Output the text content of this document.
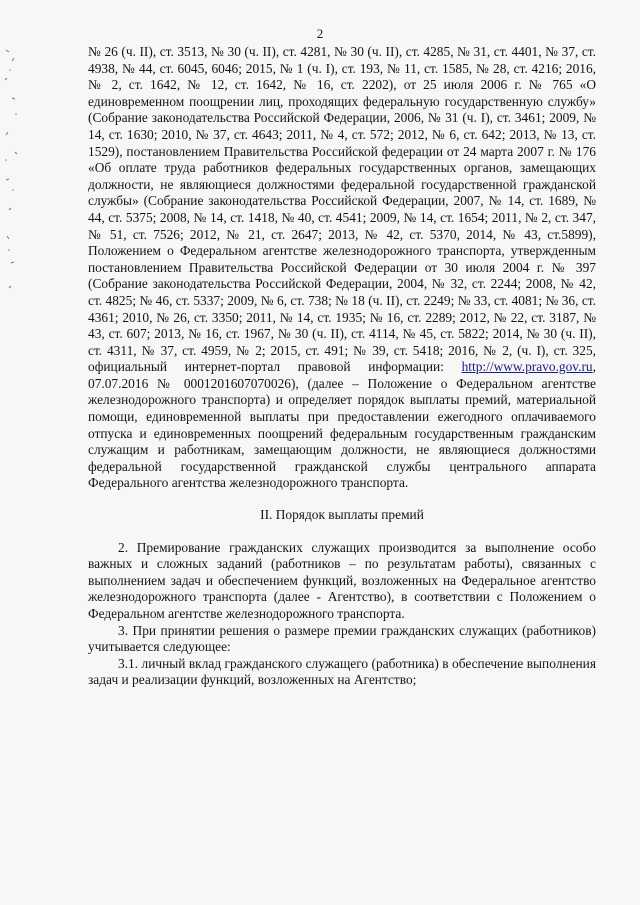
2

№ 26 (ч. II), ст. 3513, № 30 (ч. II), ст. 4281, № 30 (ч. II), ст. 4285, № 31, ст. 4401, № 37, ст. 4938, № 44, ст. 6045, 6046; 2015, № 1 (ч. I), ст. 193, № 11, ст. 1585, № 28, ст. 4216; 2016, № 2, ст. 1642, № 12, ст. 1642, № 16, ст. 2202), от 25 июля 2006 г. № 765 «О единовременном поощрении лиц, проходящих федеральную государственную службу» (Собрание законодательства Российской Федерации, 2006, № 31 (ч. I), ст. 3461; 2009, № 14, ст. 1630; 2010, № 37, ст. 4643; 2011, № 4, ст. 572; 2012, № 6, ст. 642; 2013, № 13, ст. 1529), постановлением Правительства Российской федерации от 24 марта 2007 г. № 176 «Об оплате труда работников федеральных государственных органов, замещающих должности, не являющиеся должностями федеральной государственной гражданской службы» (Собрание законодательства Российской Федерации, 2007, № 14, ст. 1689, № 44, ст. 5375; 2008, № 14, ст. 1418, № 40, ст. 4541; 2009, № 14, ст. 1654; 2011, № 2, ст. 347, № 51, ст. 7526; 2012, № 21, ст. 2647; 2013, № 42, ст. 5370, 2014, № 43, ст.5899), Положением о Федеральном агентстве железнодорожного транспорта, утвержденным постановлением Правительства Российской Федерации от 30 июля 2004 г. № 397 (Собрание законодательства Российской Федерации, 2004, № 32, ст. 2244; 2008, № 42, ст. 4825; № 46, ст. 5337; 2009, № 6, ст. 738; № 18 (ч. II), ст. 2249; № 33, ст. 4081; № 36, ст. 4361; 2010, № 26, ст. 3350; 2011, № 14, ст. 1935; № 16, ст. 2289; 2012, № 22, ст. 3187, № 43, ст. 607; 2013, № 16, ст. 1967, № 30 (ч. II), ст. 4114, № 45, ст. 5822; 2014, № 30 (ч. II), ст. 4311, № 37, ст. 4959, № 2; 2015, ст. 491; № 39, ст. 5418; 2016, № 2, (ч. I), ст. 325, официальный интернет-портал правовой информации: http://www.pravo.gov.ru, 07.07.2016 № 0001201607070026), (далее – Положение о Федеральном агентстве железнодорожного транспорта) и определяет порядок выплаты премий, материальной помощи, единовременной выплаты при предоставлении ежегодного оплачиваемого отпуска и единовременных поощрений федеральным государственным гражданским служащим и работникам, замещающим должности, не являющиеся должностями федеральной государственной гражданской службы центрального аппарата Федерального агентства железнодорожного транспорта.

II. Порядок выплаты премий

2. Премирование гражданских служащих производится за выполнение особо важных и сложных заданий (работников – по результатам работы), связанных с выполнением задач и обеспечением функций, возложенных на Федеральное агентство железнодорожного транспорта (далее - Агентство), в соответствии с Положением о Федеральном агентстве железнодорожного транспорта.

3. При принятии решения о размере премии гражданских служащих (работников) учитывается следующее:

3.1. личный вклад гражданского служащего (работника) в обеспечение выполнения задач и реализации функций, возложенных на Агентство;
